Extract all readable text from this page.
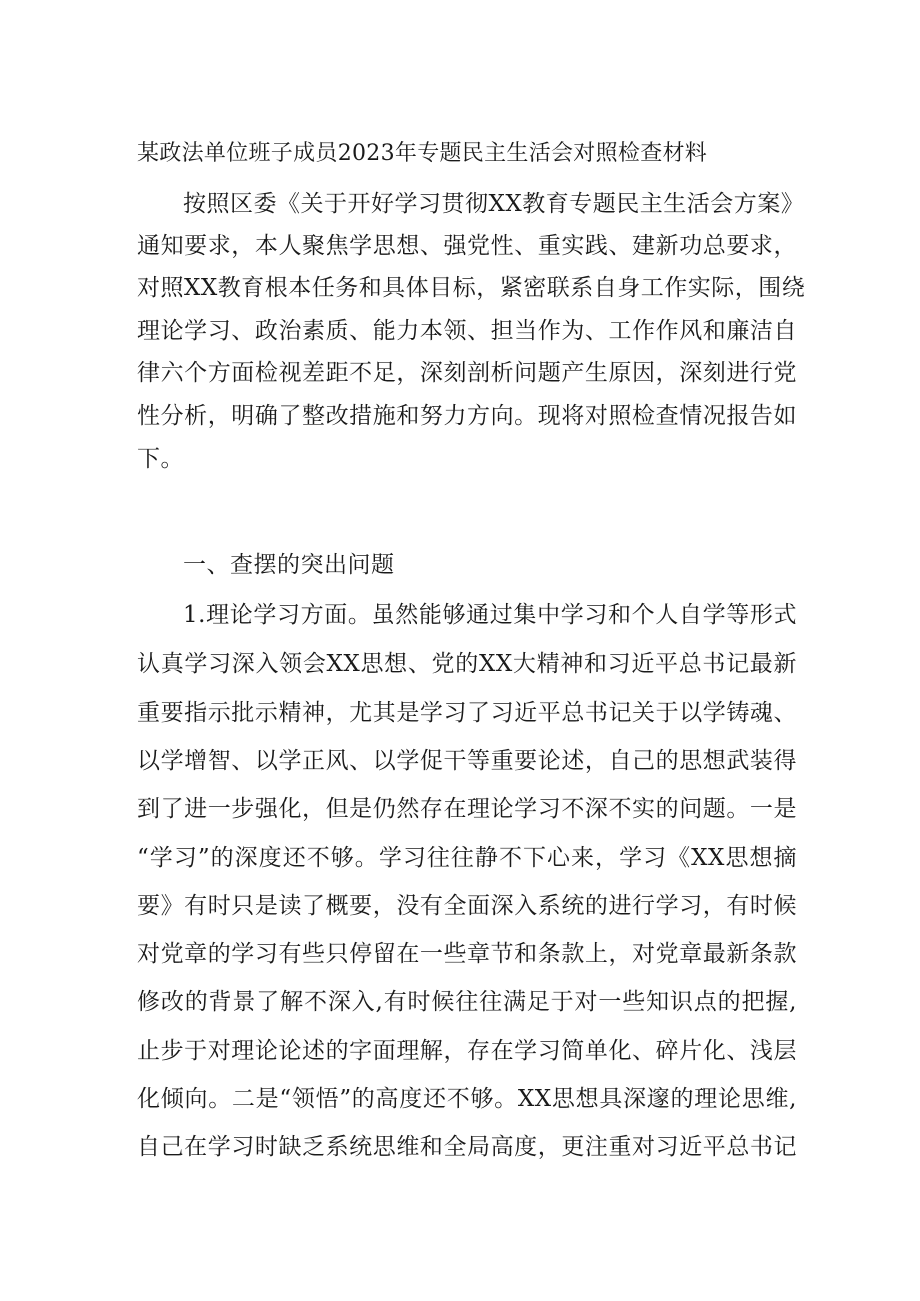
某政法单位班子成员2023年专题民主生活会对照检查材料
按照区委《关于开好学习贯彻XX教育专题民主生活会方案》
通知要求，本人聚焦学思想、强党性、重实践、建新功总要求，
对照XX教育根本任务和具体目标，紧密联系自身工作实际，围绕
理论学习、政治素质、能力本领、担当作为、工作作风和廉洁自
律六个方面检视差距不足，深刻剖析问题产生原因，深刻进行党
性分析，明确了整改措施和努力方向。现将对照检查情况报告如
下。
一、查摆的突出问题
1.理论学习方面。虽然能够通过集中学习和个人自学等形式
认真学习深入领会XX思想、党的XX大精神和习近平总书记最新
重要指示批示精神，尤其是学习了习近平总书记关于以学铸魂、
以学增智、以学正风、以学促干等重要论述，自己的思想武装得
到了进一步强化，但是仍然存在理论学习不深不实的问题。一是
“学习”的深度还不够。学习往往静不下心来，学习《XX思想摘
要》有时只是读了概要，没有全面深入系统的进行学习，有时候
对党章的学习有些只停留在一些章节和条款上，对党章最新条款
修改的背景了解不深入,有时候往往满足于对一些知识点的把握,
止步于对理论论述的字面理解，存在学习简单化、碎片化、浅层
化倾向。二是“领悟”的高度还不够。XX思想具深邃的理论思维,
自己在学习时缺乏系统思维和全局高度，更注重对习近平总书记
